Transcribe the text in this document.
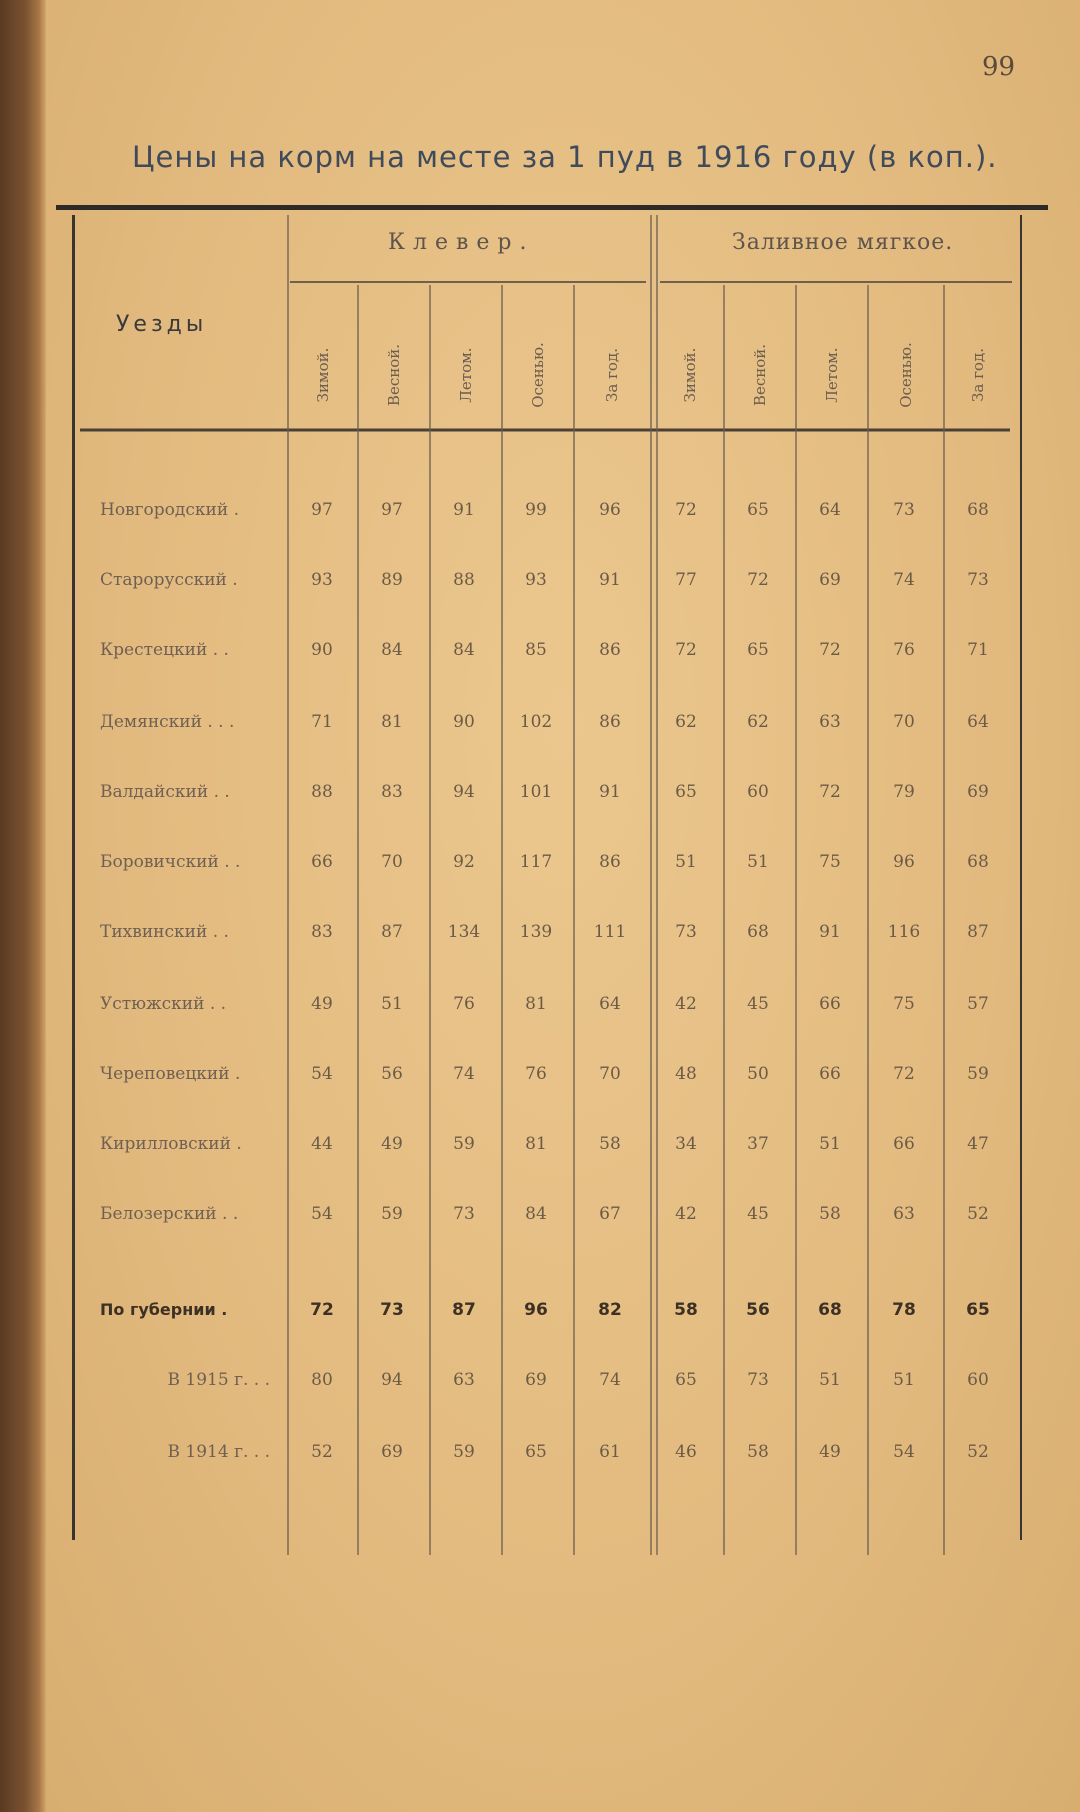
99
Цены на корм на месте за 1 пуд в 1916 году (в коп.).
Уезды
Клевер.	Заливное мягкое.
Зимой.	Весной.	Летом.	Осенью.	За год.	Зимой.	Весной.	Летом.	Осенью.	За год.
Новгородский .	97	97	91	99	96	72	65	64	73	68
Старорусский .	93	89	88	93	91	77	72	69	74	73
Крестецкий . .	90	84	84	85	86	72	65	72	76	71
Демянский . . .	71	81	90	102	86	62	62	63	70	64
Валдайский . .	88	83	94	101	91	65	60	72	79	69
Боровичский . .	66	70	92	117	86	51	51	75	96	68
Тихвинский . .	83	87	134	139	111	73	68	91	116	87
Устюжский . .	49	51	76	81	64	42	45	66	75	57
Череповецкий .	54	56	74	76	70	48	50	66	72	59
Кирилловский .	44	49	59	81	58	34	37	51	66	47
Белозерский . .	54	59	73	84	67	42	45	58	63	52
По губернии .	72	73	87	96	82	58	56	68	78	65
В 1915 г. . .	80	94	63	69	74	65	73	51	51	60
В 1914 г. . .	52	69	59	65	61	46	58	49	54	52
